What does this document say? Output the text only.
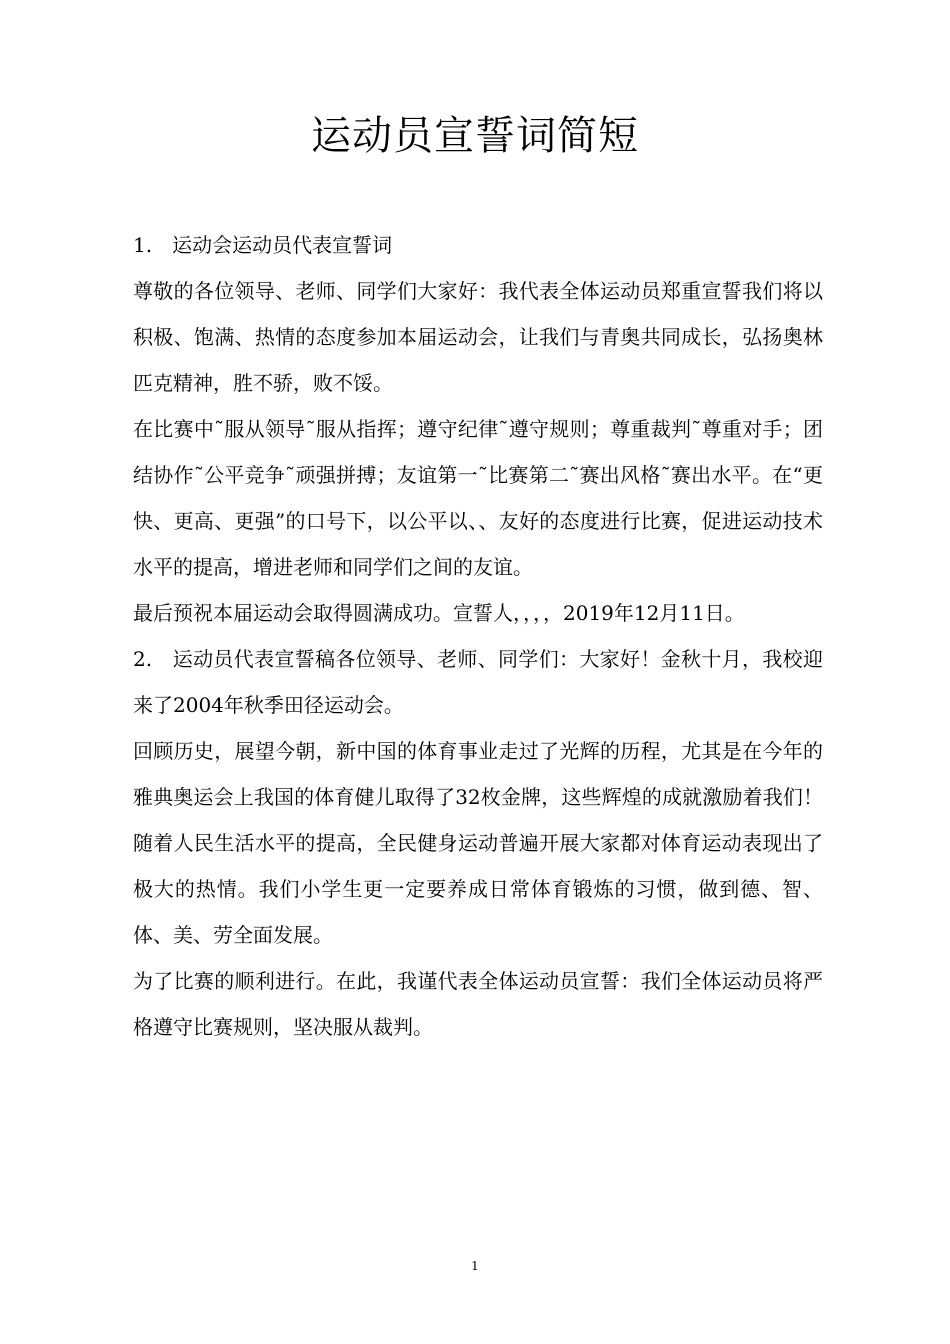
运动员宣誓词简短

1.　运动会运动员代表宣誓词

尊敬的各位领导、老师、同学们大家好：我代表全体运动员郑重宣誓我们将以积极、饱满、热情的态度参加本届运动会，让我们与青奥共同成长，弘扬奥林匹克精神，胜不骄，败不馁。

在比赛中˜服从领导˜服从指挥；遵守纪律˜遵守规则；尊重裁判˜尊重对手；团结协作˜公平竞争˜顽强拼搏；友谊第一˜比赛第二˜赛出风格˜赛出水平。在“更快、更高、更强”的口号下，以公平以、、友好的态度进行比赛，促进运动技术水平的提高，增进老师和同学们之间的友谊。

最后预祝本届运动会取得圆满成功。宣誓人，，，，2019年12月11日。

2.　运动员代表宣誓稿各位领导、老师、同学们：大家好！金秋十月，我校迎来了2004年秋季田径运动会。

回顾历史，展望今朝，新中国的体育事业走过了光辉的历程，尤其是在今年的雅典奥运会上我国的体育健儿取得了32枚金牌，这些辉煌的成就激励着我们！随着人民生活水平的提高，全民健身运动普遍开展大家都对体育运动表现出了极大的热情。我们小学生更一定要养成日常体育锻炼的习惯，做到德、智、体、美、劳全面发展。

为了比赛的顺利进行。在此，我谨代表全体运动员宣誓：我们全体运动员将严格遵守比赛规则，坚决服从裁判。

1
